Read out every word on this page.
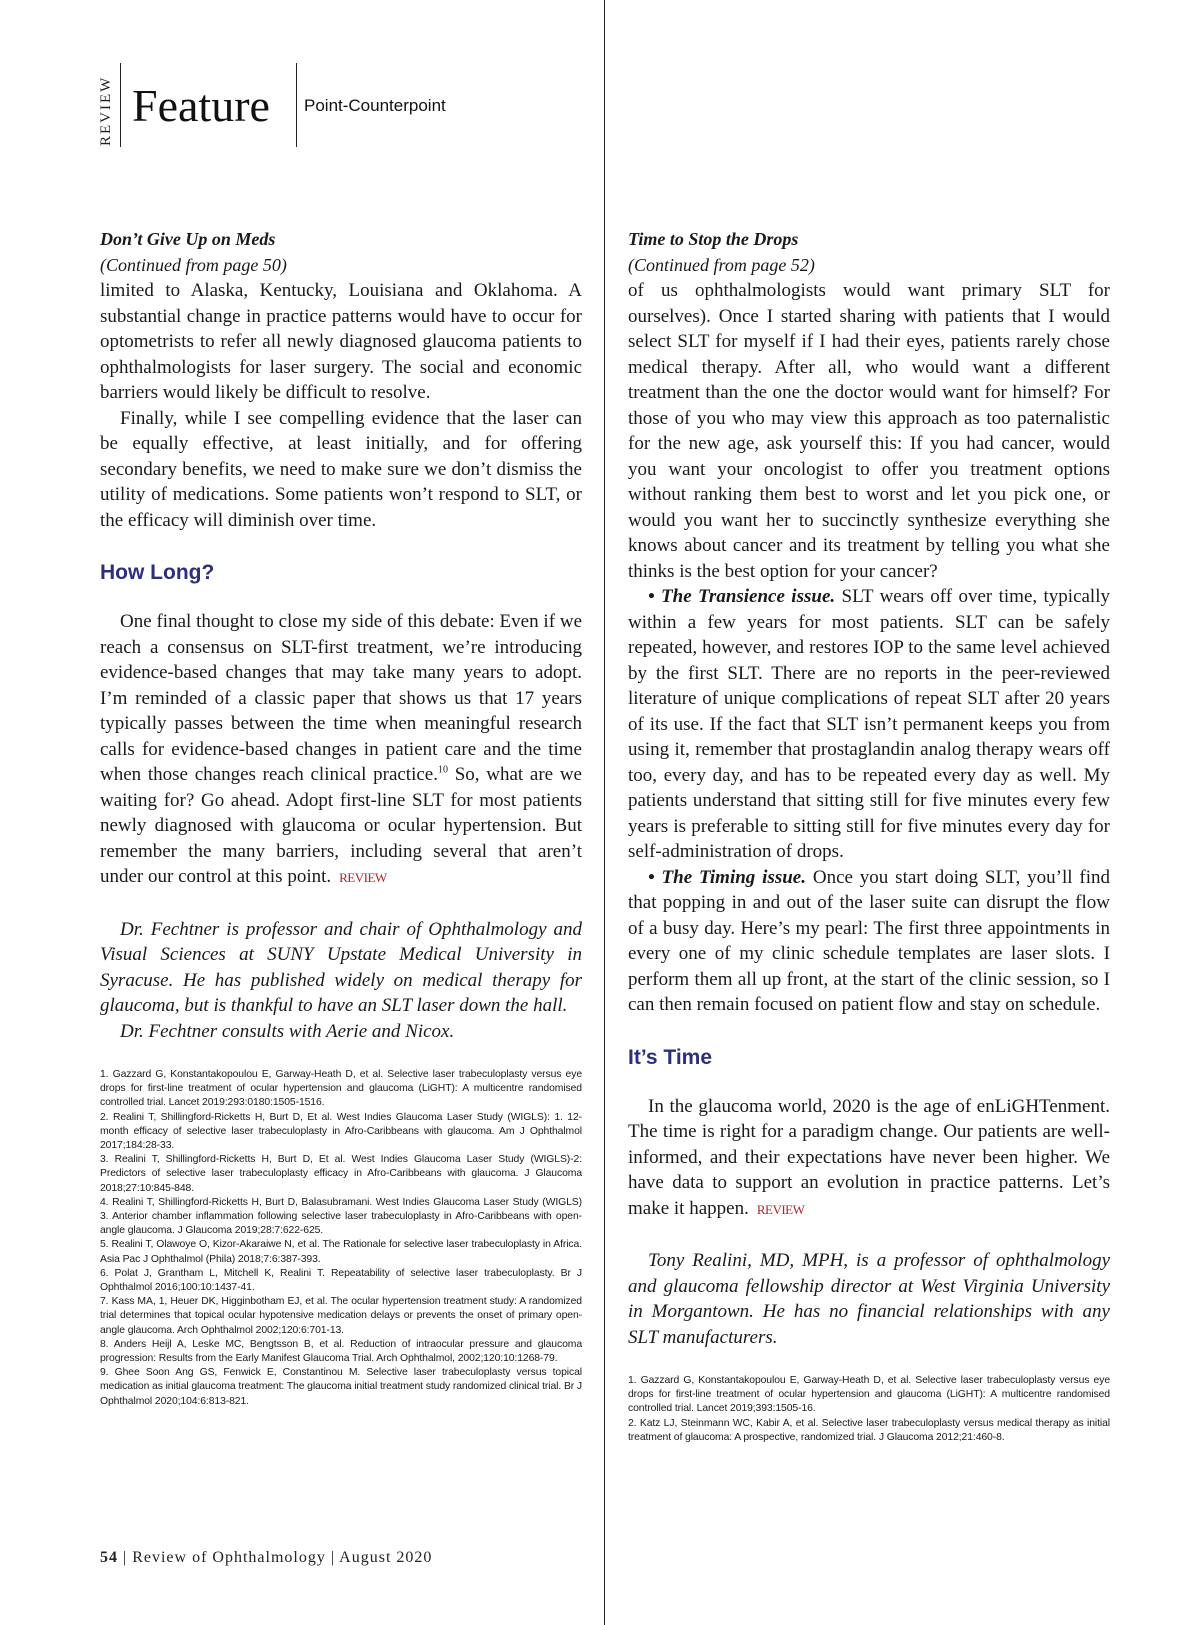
REVIEW Feature Point-Counterpoint
Don’t Give Up on Meds
(Continued from page 50)

limited to Alaska, Kentucky, Louisiana and Oklahoma. A substantial change in practice patterns would have to occur for optometrists to refer all newly diagnosed glaucoma patients to ophthalmologists for laser surgery. The social and economic barriers would likely be difficult to resolve.

Finally, while I see compelling evidence that the laser can be equally effective, at least initially, and for offering secondary benefits, we need to make sure we don’t dismiss the utility of medications. Some patients won’t respond to SLT, or the efficacy will diminish over time.

How Long?

One final thought to close my side of this debate: Even if we reach a consensus on SLT-first treatment, we’re introducing evidence-based changes that may take many years to adopt. I’m reminded of a classic paper that shows us that 17 years typically passes between the time when meaningful research calls for evidence-based changes in patient care and the time when those changes reach clinical practice.$^{10}$ So, what are we waiting for? Go ahead. Adopt first-line SLT for most patients newly diagnosed with glaucoma or ocular hypertension. But remember the many barriers, including several that aren’t under our control at this point. REVIEW

Dr. Fechtner is professor and chair of Ophthalmology and Visual Sciences at SUNY Upstate Medical University in Syracuse. He has published widely on medical therapy for glaucoma, but is thankful to have an SLT laser down the hall.

Dr. Fechtner consults with Aerie and Nicox.

1. Gazzard G, Konstantakopoulou E, Garway-Heath D, et al. Selective laser trabeculoplasty versus eye drops for first-line treatment of ocular hypertension and glaucoma (LiGHT): A multicentre randomised controlled trial. Lancet 2019:293:0180:1505-1516.
2. Realini T, Shillingford-Ricketts H, Burt D, Et al. West Indies Glaucoma Laser Study (WIGLS): 1. 12-month efficacy of selective laser trabeculoplasty in Afro-Caribbeans with glaucoma. Am J Ophthalmol 2017;184:28-33.
3. Realini T, Shillingford-Ricketts H, Burt D, Et al. West Indies Glaucoma Laser Study (WIGLS)-2: Predictors of selective laser trabeculoplasty efficacy in Afro-Caribbeans with glaucoma. J Glaucoma 2018;27:10:845-848.
4. Realini T, Shillingford-Ricketts H, Burt D, Balasubramani. West Indies Glaucoma Laser Study (WIGLS) 3. Anterior chamber inflammation following selective laser trabeculoplasty in Afro-Caribbeans with open-angle glaucoma. J Glaucoma 2019;28:7:622-625.
5. Realini T, Olawoye O, Kizor-Akaraiwe N, et al. The Rationale for selective laser trabeculoplasty in Africa. Asia Pac J Ophthalmol (Phila) 2018;7:6:387-393.
6. Polat J, Grantham L, Mitchell K, Realini T. Repeatability of selective laser trabeculoplasty. Br J Ophthalmol 2016;100:10:1437-41.
7. Kass MA, 1, Heuer DK, Higginbotham EJ, et al. The ocular hypertension treatment study: A randomized trial determines that topical ocular hypotensive medication delays or prevents the onset of primary open-angle glaucoma. Arch Ophthalmol 2002;120:6:701-13.
8. Anders Heijl A, Leske MC, Bengtsson B, et al. Reduction of intraocular pressure and glaucoma progression: Results from the Early Manifest Glaucoma Trial. Arch Ophthalmol, 2002;120:10:1268-79.
9. Ghee Soon Ang GS, Fenwick E, Constantinou M. Selective laser trabeculoplasty versus topical medication as initial glaucoma treatment: The glaucoma initial treatment study randomized clinical trial. Br J Ophthalmol 2020;104:6:813-821.
Time to Stop the Drops
(Continued from page 52)

of us ophthalmologists would want primary SLT for ourselves). Once I started sharing with patients that I would select SLT for myself if I had their eyes, patients rarely chose medical therapy. After all, who would want a different treatment than the one the doctor would want for himself? For those of you who may view this approach as too paternalistic for the new age, ask yourself this: If you had cancer, would you want your oncologist to offer you treatment options without ranking them best to worst and let you pick one, or would you want her to succinctly synthesize everything she knows about cancer and its treatment by telling you what she thinks is the best option for your cancer?

• The Transience issue. SLT wears off over time, typically within a few years for most patients. SLT can be safely repeated, however, and restores IOP to the same level achieved by the first SLT. There are no reports in the peer-reviewed literature of unique complications of repeat SLT after 20 years of its use. If the fact that SLT isn’t permanent keeps you from using it, remember that prostaglandin analog therapy wears off too, every day, and has to be repeated every day as well. My patients understand that sitting still for five minutes every few years is preferable to sitting still for five minutes every day for self-administration of drops.

• The Timing issue. Once you start doing SLT, you’ll find that popping in and out of the laser suite can disrupt the flow of a busy day. Here’s my pearl: The first three appointments in every one of my clinic schedule templates are laser slots. I perform them all up front, at the start of the clinic session, so I can then remain focused on patient flow and stay on schedule.

It’s Time

In the glaucoma world, 2020 is the age of enLiGHTenment. The time is right for a paradigm change. Our patients are well-informed, and their expectations have never been higher. We have data to support an evolution in practice patterns. Let’s make it happen. REVIEW

Tony Realini, MD, MPH, is a professor of ophthalmology and glaucoma fellowship director at West Virginia University in Morgantown. He has no financial relationships with any SLT manufacturers.

1. Gazzard G, Konstantakopoulou E, Garway-Heath D, et al. Selective laser trabeculoplasty versus eye drops for first-line treatment of ocular hypertension and glaucoma (LiGHT): A multicentre randomised controlled trial. Lancet 2019;393:1505-16.
2. Katz LJ, Steinmann WC, Kabir A, et al. Selective laser trabeculoplasty versus medical therapy as initial treatment of glaucoma: A prospective, randomized trial. J Glaucoma 2012;21:460-8.
54 | Review of Ophthalmology | August 2020
